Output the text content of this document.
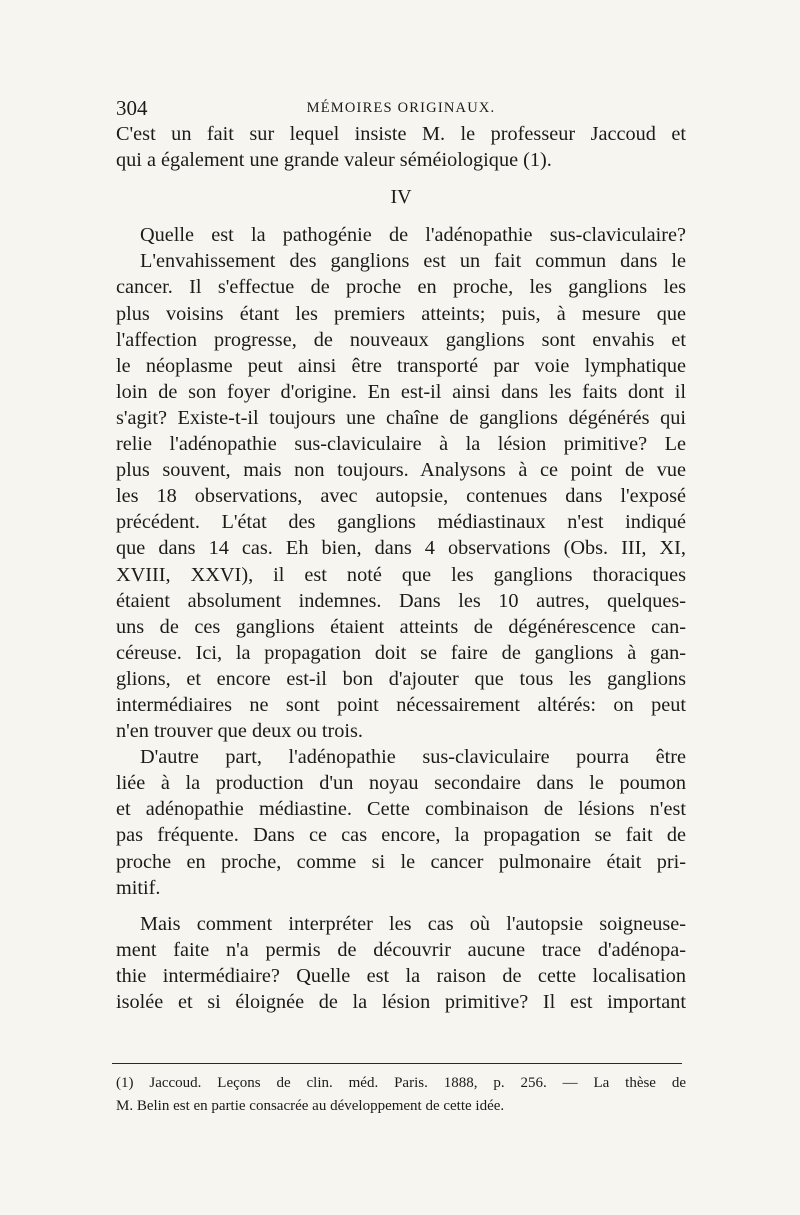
304	MÉMOIRES ORIGINAUX.
C'est un fait sur lequel insiste M. le professeur Jaccoud et
qui a également une grande valeur séméiologique (1).
IV
Quelle est la pathogénie de l'adénopathie sus-claviculaire?
L'envahissement des ganglions est un fait commun dans le
cancer. Il s'effectue de proche en proche, les ganglions les
plus voisins étant les premiers atteints; puis, à mesure que
l'affection progresse, de nouveaux ganglions sont envahis et
le néoplasme peut ainsi être transporté par voie lymphatique
loin de son foyer d'origine. En est-il ainsi dans les faits dont il
s'agit? Existe-t-il toujours une chaîne de ganglions dégénérés qui
relie l'adénopathie sus-claviculaire à la lésion primitive? Le
plus souvent, mais non toujours. Analysons à ce point de vue
les 18 observations, avec autopsie, contenues dans l'exposé
précédent. L'état des ganglions médiastinaux n'est indiqué
que dans 14 cas. Eh bien, dans 4 observations (Obs. III, XI,
XVIII, XXVI), il est noté que les ganglions thoraciques
étaient absolument indemnes. Dans les 10 autres, quelques-
uns de ces ganglions étaient atteints de dégénérescence can-
céreuse. Ici, la propagation doit se faire de ganglions à gan-
glions, et encore est-il bon d'ajouter que tous les ganglions
intermédiaires ne sont point nécessairement altérés: on peut
n'en trouver que deux ou trois.
D'autre part, l'adénopathie sus-claviculaire pourra être
liée à la production d'un noyau secondaire dans le poumon
et adénopathie médiastine. Cette combinaison de lésions n'est
pas fréquente. Dans ce cas encore, la propagation se fait de
proche en proche, comme si le cancer pulmonaire était pri-
mitif.
Mais comment interpréter les cas où l'autopsie soigneuse-
ment faite n'a permis de découvrir aucune trace d'adénopa-
thie intermédiaire? Quelle est la raison de cette localisation
isolée et si éloignée de la lésion primitive? Il est important
(1) Jaccoud. Leçons de clin. méd. Paris. 1888, p. 256. — La thèse de
M. Belin est en partie consacrée au développement de cette idée.
